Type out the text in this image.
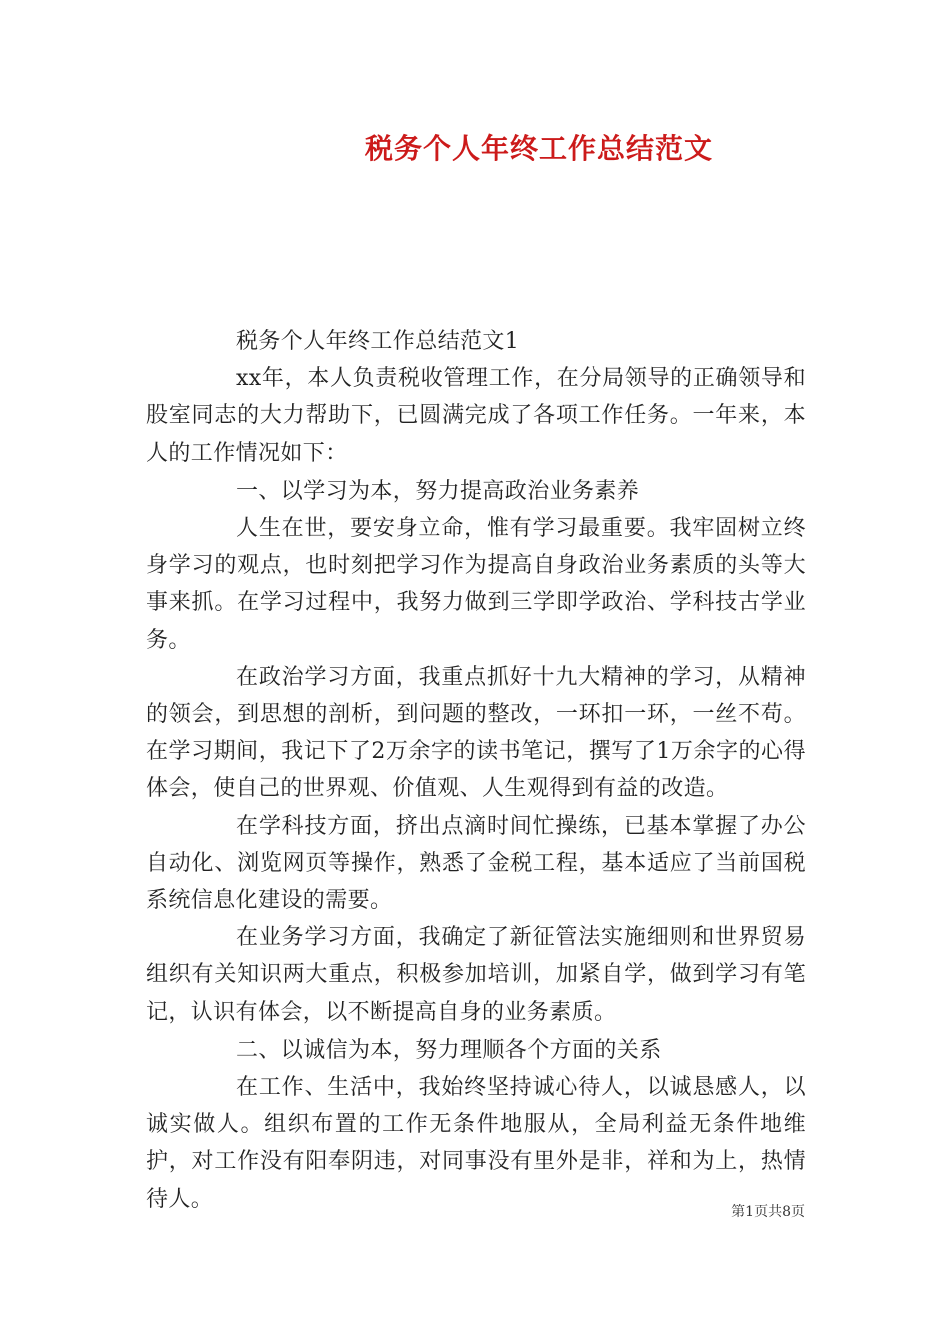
税务个人年终工作总结范文

税务个人年终工作总结范文1

xx年，本人负责税收管理工作，在分局领导的正确领导和股室同志的大力帮助下，已圆满完成了各项工作任务。一年来，本人的工作情况如下：

一、以学习为本，努力提高政治业务素养

人生在世，要安身立命，惟有学习最重要。我牢固树立终身学习的观点，也时刻把学习作为提高自身政治业务素质的头等大事来抓。在学习过程中，我努力做到三学即学政治、学科技古学业务。

在政治学习方面，我重点抓好十九大精神的学习，从精神的领会，到思想的剖析，到问题的整改，一环扣一环，一丝不苟。在学习期间，我记下了2万余字的读书笔记，撰写了1万余字的心得体会，使自己的世界观、价值观、人生观得到有益的改造。

在学科技方面，挤出点滴时间忙操练，已基本掌握了办公自动化、浏览网页等操作，熟悉了金税工程，基本适应了当前国税系统信息化建设的需要。

在业务学习方面，我确定了新征管法实施细则和世界贸易组织有关知识两大重点，积极参加培训，加紧自学，做到学习有笔记，认识有体会，以不断提高自身的业务素质。

二、以诚信为本，努力理顺各个方面的关系

在工作、生活中，我始终坚持诚心待人，以诚恳感人，以诚实做人。组织布置的工作无条件地服从，全局利益无条件地维护，对工作没有阳奉阴违，对同事没有里外是非，祥和为上，热情待人。

第1页共8页
